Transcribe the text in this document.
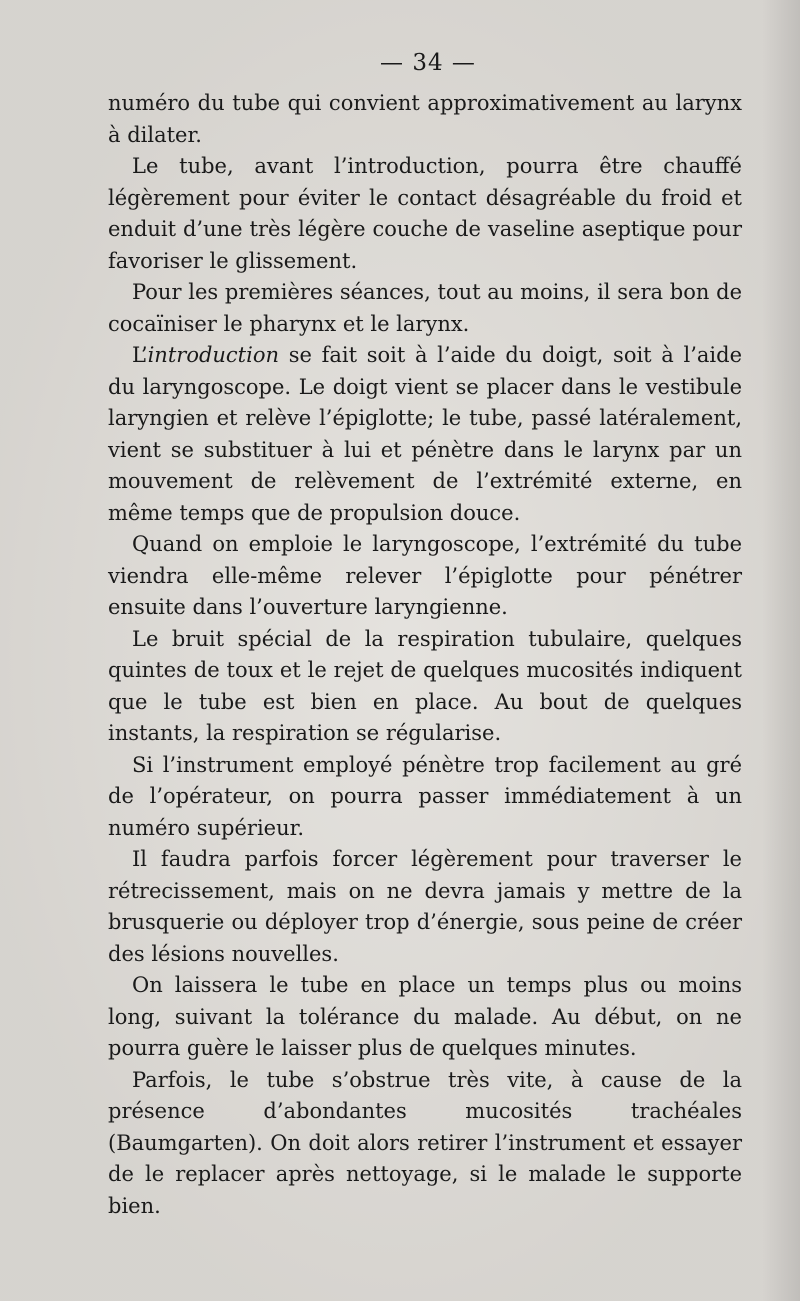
— 34 —

numéro du tube qui convient approximativement au larynx à dilater.

Le tube, avant l’introduction, pourra être chauffé légèrement pour éviter le contact désagréable du froid et enduit d’une très légère couche de vaseline aseptique pour favoriser le glissement.

Pour les premières séances, tout au moins, il sera bon de cocaïniser le pharynx et le larynx.

L’introduction se fait soit à l’aide du doigt, soit à l’aide du laryngoscope. Le doigt vient se placer dans le vestibule laryngien et relève l’épiglotte; le tube, passé latéralement, vient se substituer à lui et pénètre dans le larynx par un mouvement de relèvement de l’extrémité externe, en même temps que de propulsion douce.

Quand on emploie le laryngoscope, l’extrémité du tube viendra elle-même relever l’épiglotte pour pénétrer ensuite dans l’ouverture laryngienne.

Le bruit spécial de la respiration tubulaire, quelques quintes de toux et le rejet de quelques mucosités indiquent que le tube est bien en place. Au bout de quelques instants, la respiration se régularise.

Si l’instrument employé pénètre trop facilement au gré de l’opérateur, on pourra passer immédiatement à un numéro supérieur.

Il faudra parfois forcer légèrement pour traverser le rétrecissement, mais on ne devra jamais y mettre de la brusquerie ou déployer trop d’énergie, sous peine de créer des lésions nouvelles.

On laissera le tube en place un temps plus ou moins long, suivant la tolérance du malade. Au début, on ne pourra guère le laisser plus de quelques minutes.

Parfois, le tube s’obstrue très vite, à cause de la présence d’abondantes mucosités trachéales (Baumgarten). On doit alors retirer l’instrument et essayer de le replacer après nettoyage, si le malade le supporte bien.
